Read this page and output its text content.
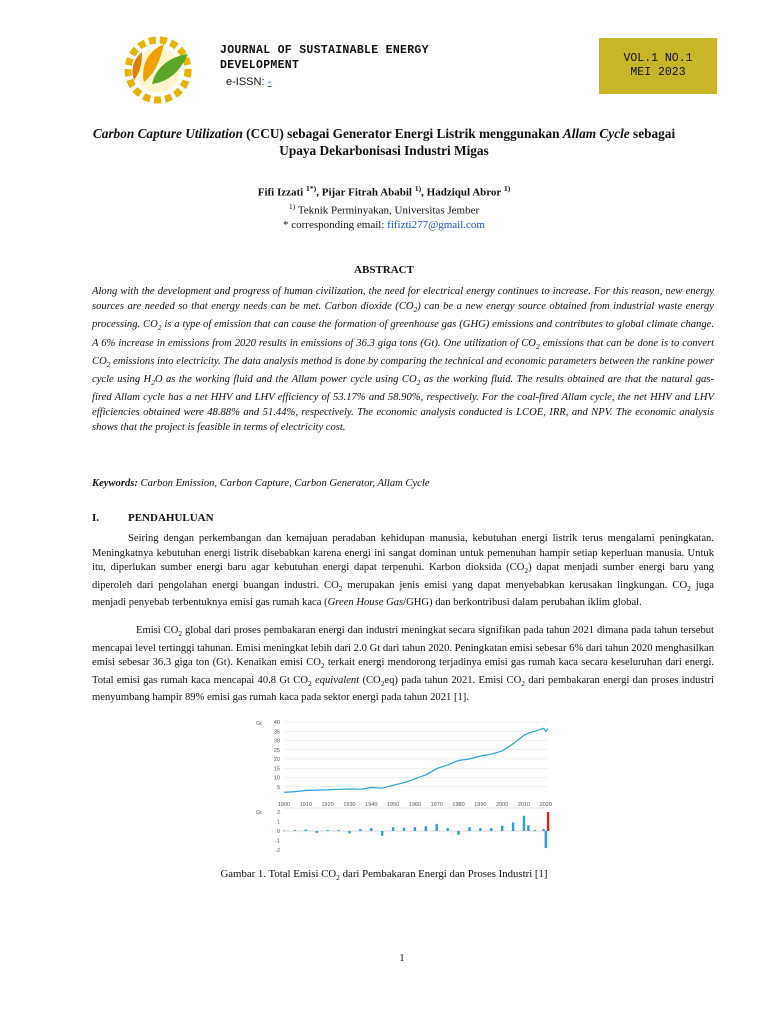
JOURNAL OF SUSTAINABLE ENERGY
DEVELOPMENT
e-ISSN: -
VOL.1 NO.1
MEI 2023
Carbon Capture Utilization (CCU) sebagai Generator Energi Listrik menggunakan Allam Cycle sebagai Upaya Dekarbonisasi Industri Migas
Fifi Izzati $^{1*)}$, Pijar Fitrah Ababil $^{1)}$, Hadziqul Abror $^{1)}$
$^{1)}$ Teknik Perminyakan, Universitas Jember
* corresponding email: fifizti277@gmail.com
ABSTRACT
Along with the development and progress of human civilization, the need for electrical energy continues to increase. For this reason, new energy sources are needed so that energy needs can be met. Carbon dioxide $(CO_2)$ can be a new energy source obtained from industrial waste energy processing. $CO_2$ is a type of emission that can cause the formation of greenhouse gas (GHG) emissions and contributes to global climate change. A 6% increase in emissions from 2020 results in emissions of 36.3 giga tons (Gt). One utilization of $CO_2$ emissions that can be done is to convert $CO_2$ emissions into electricity. The data analysis method is done by comparing the technical and economic parameters between the rankine power cycle using $H_2O$ as the working fluid and the Allam power cycle using $CO_2$ as the working fluid. The results obtained are that the natural gas-fired Allam cycle has a net HHV and LHV efficiency of 53.17% and 58.90%, respectively. For the coal-fired Allam cycle, the net HHV and LHV efficiencies obtained were 48.88% and 51.44%, respectively. The economic analysis conducted is LCOE, IRR, and NPV. The economic analysis shows that the project is feasible in terms of electricity cost.
Keywords: Carbon Emission, Carbon Capture, Carbon Generator, Allam Cycle
I.	PENDAHULUAN
Seiring dengan perkembangan dan kemajuan peradaban kehidupan manusia, kebutuhan energi listrik terus mengalami peningkatan. Meningkatnya kebutuhan energi listrik disebabkan karena energi ini sangat dominan untuk pemenuhan hampir setiap keperluan manusia. Untuk itu, diperlukan sumber energi baru agar kebutuhan energi dapat terpenuhi. Karbon dioksida $(CO_2)$ dapat menjadi sumber energi baru yang diperoleh dari pengolahan energi buangan industri. $CO_2$ merupakan jenis emisi yang dapat menyebabkan kerusakan lingkungan. $CO_2$ juga menjadi penyebab terbentuknya emisi gas rumah kaca (Green House Gas/GHG) dan berkontribusi dalam perubahan iklim global.
Emisi $CO_2$ global dari proses pembakaran energi dan industri meningkat secara signifikan pada tahun 2021 dimana pada tahun tersebut mencapai level tertinggi tahunan. Emisi meningkat lebih dari 2.0 Gt dari tahun 2020. Peningkatan emisi sebesar 6% dari tahun 2020 menghasilkan emisi sebesar 36.3 giga ton (Gt). Kenaikan emisi $CO_2$ terkait energi mendorong terjadinya emisi gas rumah kaca secara keseluruhan dari energi. Total emisi gas rumah kaca mencapai 40.8 Gt $CO_2$ equivalent $(CO_2eq)$ pada tahun 2021. Emisi $CO_2$ dari pembakaran energi dan proses industri menyumbang hampir 89% emisi gas rumah kaca pada sektor energi pada tahun 2021 [1].
40
35
30
25
20
15
10
5
Gt
1900 1910 1920 1930 1940 1950 1960 1970 1980 1990 2000 2010 2020
2
1
0
-1
-2
Gt
Gambar 1. Total Emisi $CO_2$ dari Pembakaran Energi dan Proses Industri [1]
1
